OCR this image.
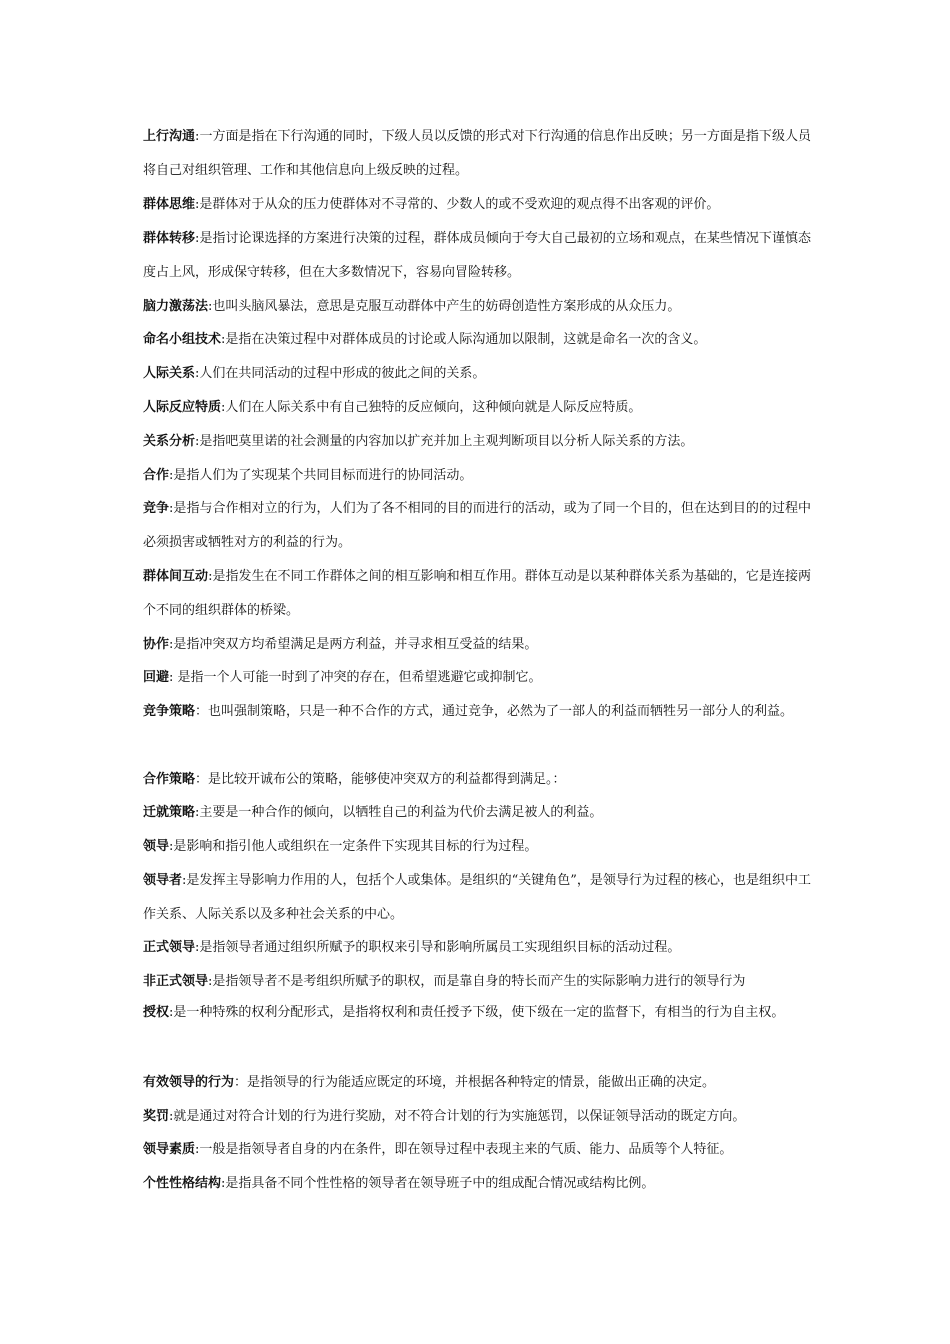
上行沟通:一方面是指在下行沟通的同时，下级人员以反馈的形式对下行沟通的信息作出反映；另一方面是指下级人员将自己对组织管理、工作和其他信息向上级反映的过程。

群体思维:是群体对于从众的压力使群体对不寻常的、少数人的或不受欢迎的观点得不出客观的评价。

群体转移:是指讨论课选择的方案进行决策的过程，群体成员倾向于夸大自己最初的立场和观点，在某些情况下谨慎态度占上风，形成保守转移，但在大多数情况下，容易向冒险转移。

脑力激荡法:也叫头脑风暴法，意思是克服互动群体中产生的妨碍创造性方案形成的从众压力。

命名小组技术:是指在决策过程中对群体成员的讨论或人际沟通加以限制，这就是命名一次的含义。

人际关系:人们在共同活动的过程中形成的彼此之间的关系。

人际反应特质:人们在人际关系中有自己独特的反应倾向，这种倾向就是人际反应特质。

关系分析:是指吧莫里诺的社会测量的内容加以扩充并加上主观判断项目以分析人际关系的方法。

合作:是指人们为了实现某个共同目标而进行的协同活动。

竞争:是指与合作相对立的行为，人们为了各不相同的目的而进行的活动，或为了同一个目的，但在达到目的的过程中必须损害或牺牲对方的利益的行为。

群体间互动:是指发生在不同工作群体之间的相互影响和相互作用。群体互动是以某种群体关系为基础的，它是连接两个不同的组织群体的桥梁。

协作:是指冲突双方均希望满足是两方利益，并寻求相互受益的结果。

回避: 是指一个人可能一时到了冲突的存在，但希望逃避它或抑制它。

竞争策略：也叫强制策略，只是一种不合作的方式，通过竞争，必然为了一部人的利益而牺牲另一部分人的利益。

合作策略：是比较开诚布公的策略，能够使冲突双方的利益都得到满足。：

迁就策略:主要是一种合作的倾向，以牺牲自己的利益为代价去满足被人的利益。

领导:是影响和指引他人或组织在一定条件下实现其目标的行为过程。

领导者:是发挥主导影响力作用的人，包括个人或集体。是组织的“关键角色”，是领导行为过程的核心，也是组织中工作关系、人际关系以及多种社会关系的中心。

正式领导:是指领导者通过组织所赋予的职权来引导和影响所属员工实现组织目标的活动过程。

非正式领导:是指领导者不是考组织所赋予的职权，而是靠自身的特长而产生的实际影响力进行的领导行为

授权:是一种特殊的权利分配形式，是指将权利和责任授予下级，使下级在一定的监督下，有相当的行为自主权。

有效领导的行为：是指领导的行为能适应既定的环境，并根据各种特定的情景，能做出正确的决定。

奖罚:就是通过对符合计划的行为进行奖励，对不符合计划的行为实施惩罚，以保证领导活动的既定方向。

领导素质:一般是指领导者自身的内在条件，即在领导过程中表现主来的气质、能力、品质等个人特征。

个性性格结构:是指具备不同个性性格的领导者在领导班子中的组成配合情况或结构比例。
